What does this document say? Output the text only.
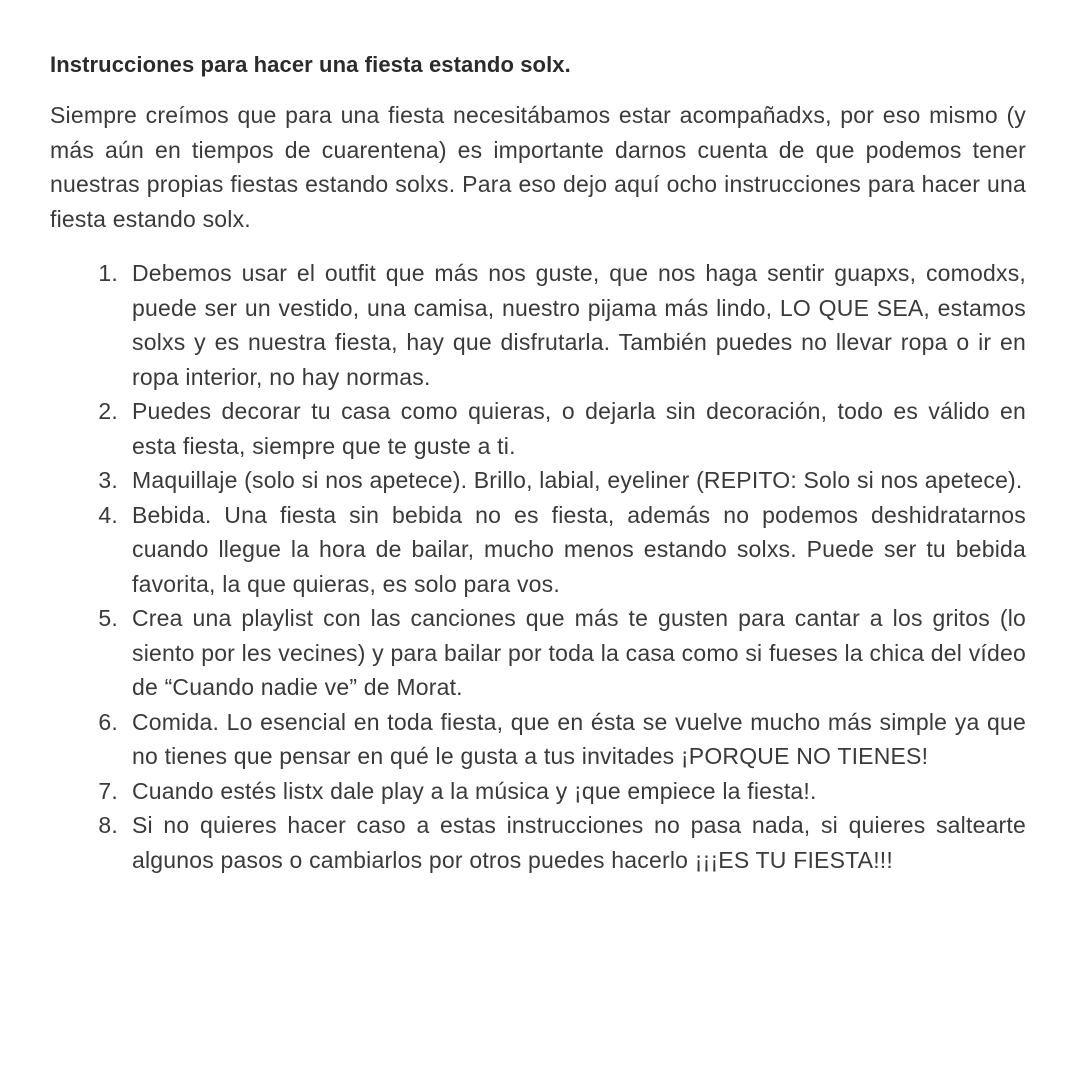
Instrucciones para hacer una fiesta estando solx.

Siempre creímos que para una fiesta necesitábamos estar acompañadxs, por eso mismo (y más aún en tiempos de cuarentena) es importante darnos cuenta de que podemos tener nuestras propias fiestas estando solxs. Para eso dejo aquí ocho instrucciones para hacer una fiesta estando solx.

1. Debemos usar el outfit que más nos guste, que nos haga sentir guapxs, comodxs, puede ser un vestido, una camisa, nuestro pijama más lindo, LO QUE SEA, estamos solxs y es nuestra fiesta, hay que disfrutarla. También puedes no llevar ropa o ir en ropa interior, no hay normas.
2. Puedes decorar tu casa como quieras, o dejarla sin decoración, todo es válido en esta fiesta, siempre que te guste a ti.
3. Maquillaje (solo si nos apetece). Brillo, labial, eyeliner (REPITO: Solo si nos apetece).
4. Bebida. Una fiesta sin bebida no es fiesta, además no podemos deshidratarnos cuando llegue la hora de bailar, mucho menos estando solxs. Puede ser tu bebida favorita, la que quieras, es solo para vos.
5. Crea una playlist con las canciones que más te gusten para cantar a los gritos (lo siento por les vecines) y para bailar por toda la casa como si fueses la chica del vídeo de “Cuando nadie ve” de Morat.
6. Comida. Lo esencial en toda fiesta, que en ésta se vuelve mucho más simple ya que no tienes que pensar en qué le gusta a tus invitades ¡PORQUE NO TIENES!
7. Cuando estés listx dale play a la música y ¡que empiece la fiesta!.
8. Si no quieres hacer caso a estas instrucciones no pasa nada, si quieres saltearte algunos pasos o cambiarlos por otros puedes hacerlo ¡¡¡ES TU FIESTA!!!
